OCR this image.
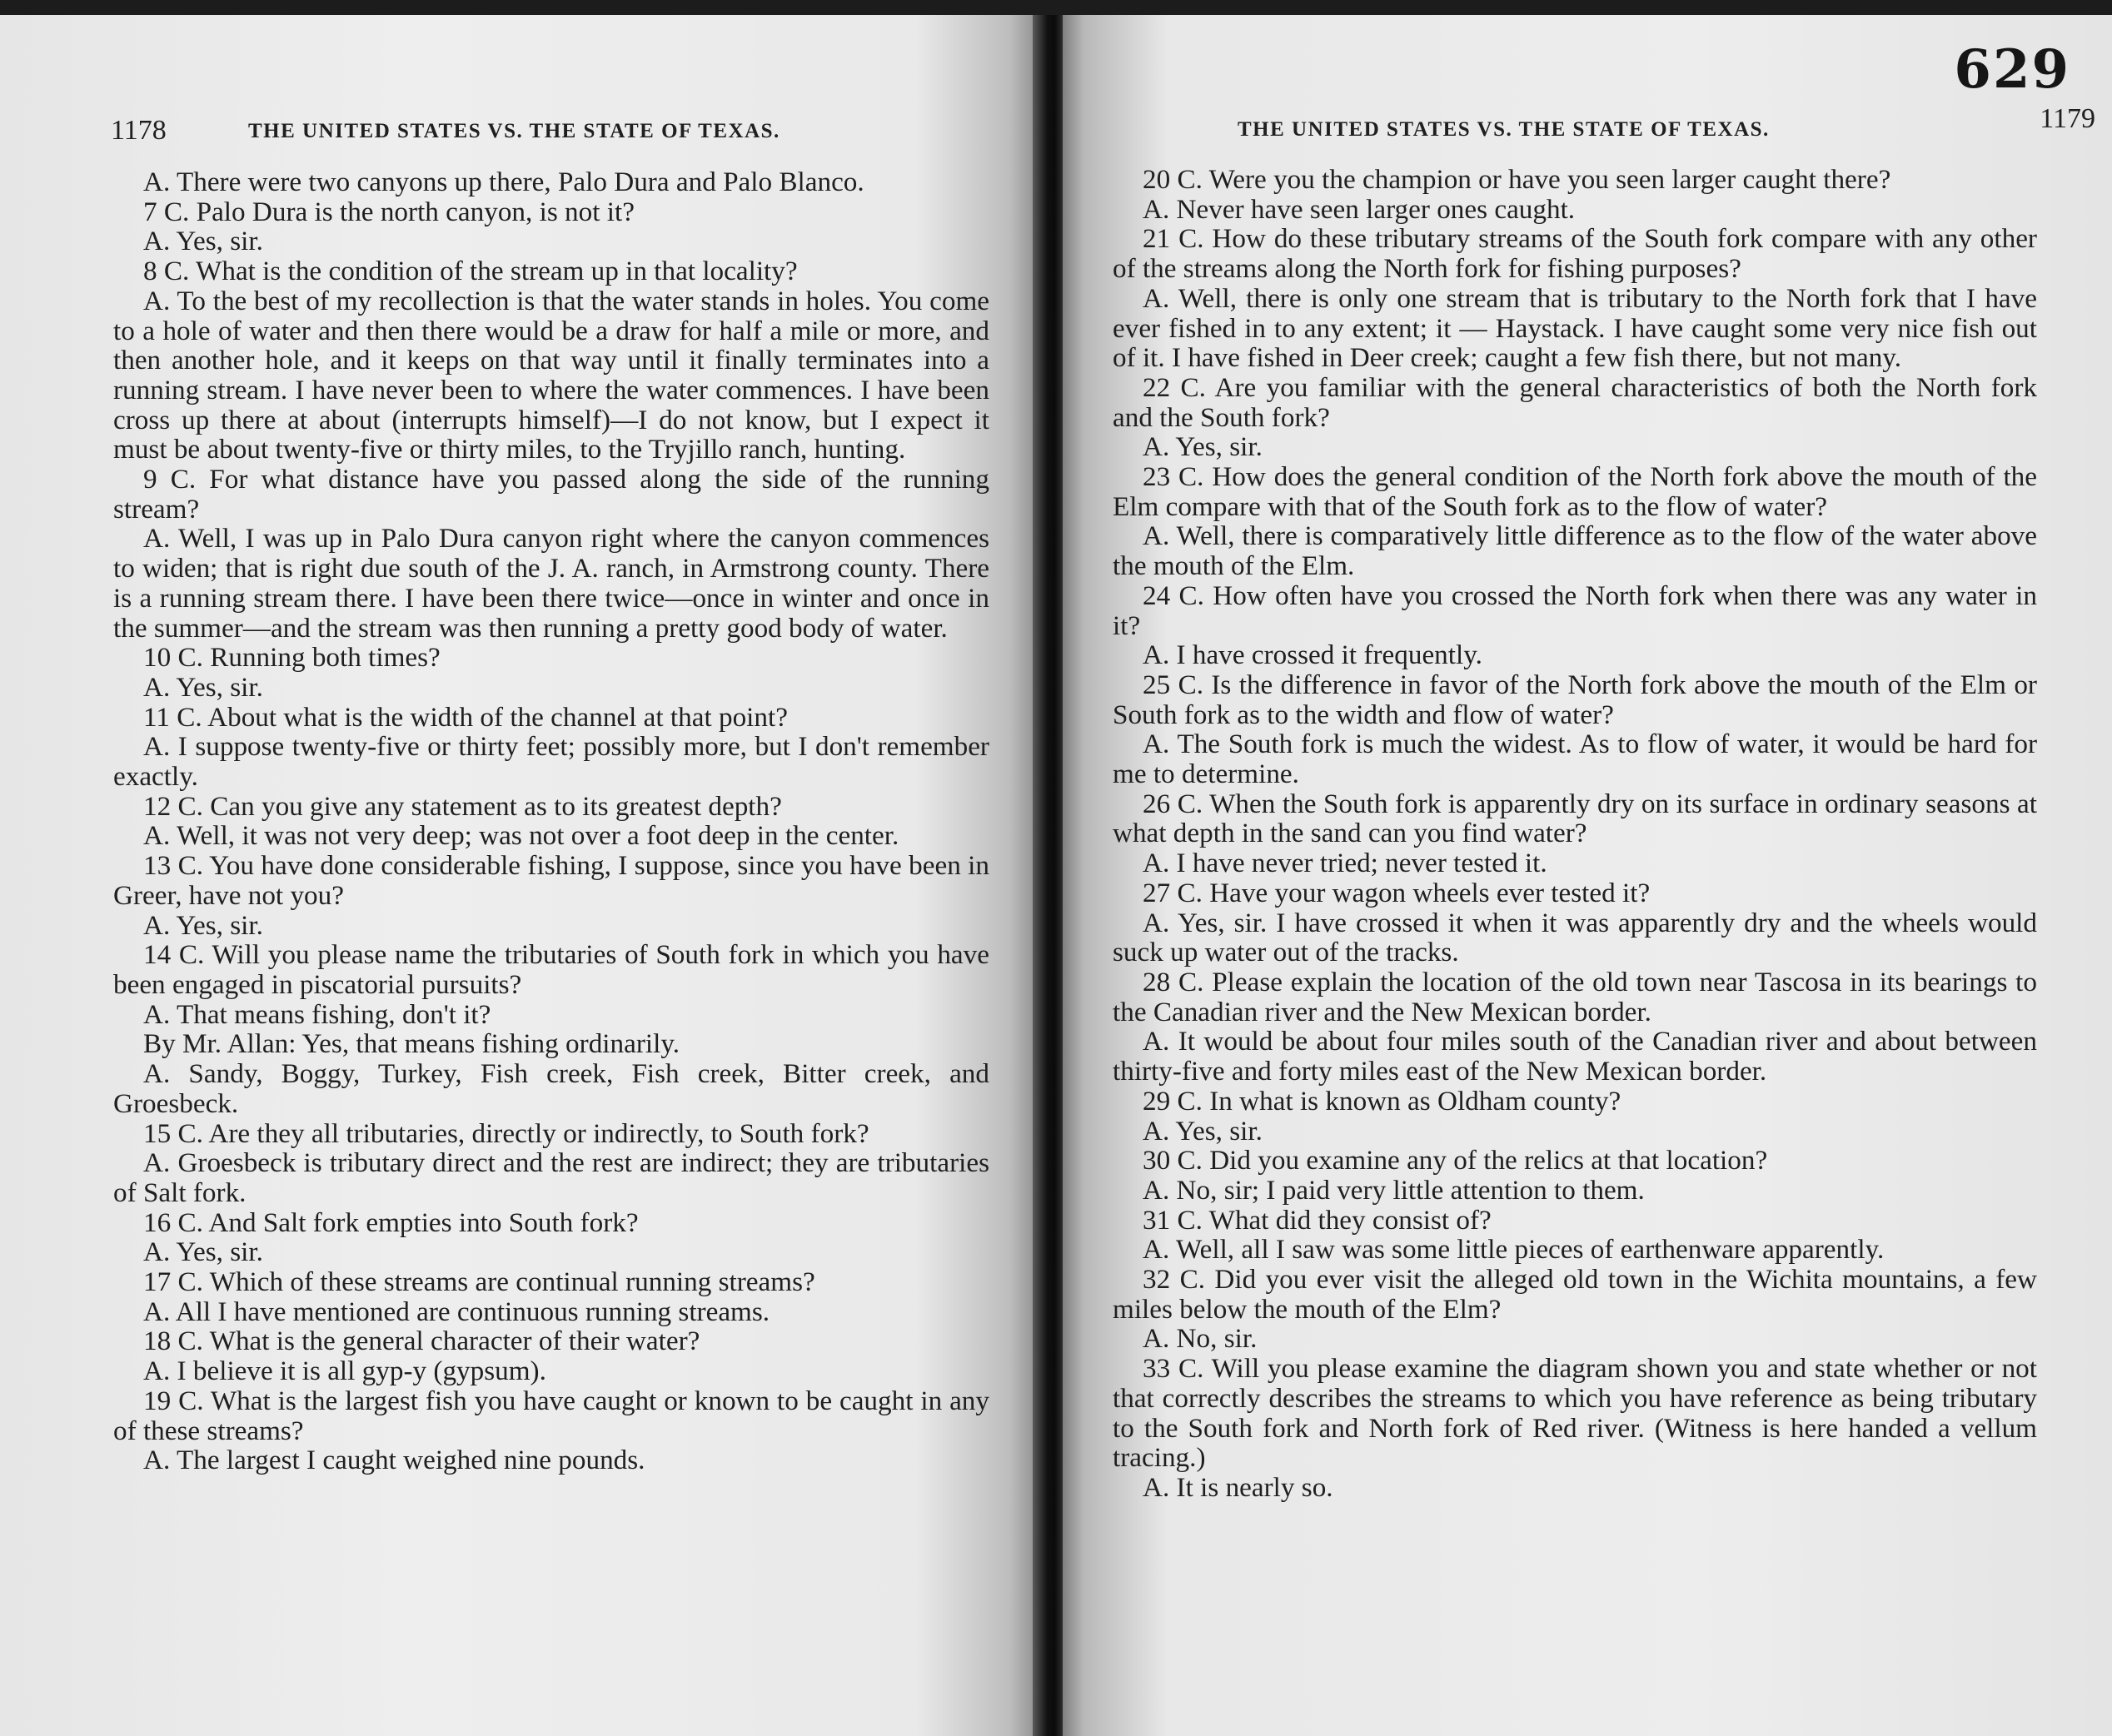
1178	THE UNITED STATES VS. THE STATE OF TEXAS.

A. There were two canyons up there, Palo Dura and Palo Blanco.

7 C. Palo Dura is the north canyon, is not it?

A. Yes, sir.

8 C. What is the condition of the stream up in that locality?

A. To the best of my recollection is that the water stands in holes. You come to a hole of water and then there would be a draw for half a mile or more, and then another hole, and it keeps on that way until it finally terminates into a running stream. I have never been to where the water commences. I have been cross up there at about (interrupts himself)—I do not know, but I expect it must be about twenty-five or thirty miles, to the Tryjillo ranch, hunting.

9 C. For what distance have you passed along the side of the running stream?

A. Well, I was up in Palo Dura canyon right where the canyon commences to widen; that is right due south of the J. A. ranch, in Armstrong county. There is a running stream there. I have been there twice—once in winter and once in the summer—and the stream was then running a pretty good body of water.

10 C. Running both times?

A. Yes, sir.

11 C. About what is the width of the channel at that point?

A. I suppose twenty-five or thirty feet; possibly more, but I don't remember exactly.

12 C. Can you give any statement as to its greatest depth?

A. Well, it was not very deep; was not over a foot deep in the center.

13 C. You have done considerable fishing, I suppose, since you have been in Greer, have not you?

A. Yes, sir.

14 C. Will you please name the tributaries of South fork in which you have been engaged in piscatorial pursuits?

A. That means fishing, don't it?

By Mr. Allan: Yes, that means fishing ordinarily.

A. Sandy, Boggy, Turkey, Fish creek, Fish creek, Bitter creek, and Groesbeck.

15 C. Are they all tributaries, directly or indirectly, to South fork?

A. Groesbeck is tributary direct and the rest are indirect; they are tributaries of Salt fork.

16 C. And Salt fork empties into South fork?

A. Yes, sir.

17 C. Which of these streams are continual running streams?

A. All I have mentioned are continuous running streams.

18 C. What is the general character of their water?

A. I believe it is all gyp-y (gypsum).

19 C. What is the largest fish you have caught or known to be caught in any of these streams?

A. The largest I caught weighed nine pounds.

629
THE UNITED STATES VS. THE STATE OF TEXAS.	1179

20 C. Were you the champion or have you seen larger caught there?

A. Never have seen larger ones caught.

21 C. How do these tributary streams of the South fork compare with any other of the streams along the North fork for fishing purposes?

A. Well, there is only one stream that is tributary to the North fork that I have ever fished in to any extent; it — Haystack. I have caught some very nice fish out of it. I have fished in Deer creek; caught a few fish there, but not many.

22 C. Are you familiar with the general characteristics of both the North fork and the South fork?

A. Yes, sir.

23 C. How does the general condition of the North fork above the mouth of the Elm compare with that of the South fork as to the flow of water?

A. Well, there is comparatively little difference as to the flow of the water above the mouth of the Elm.

24 C. How often have you crossed the North fork when there was any water in it?

A. I have crossed it frequently.

25 C. Is the difference in favor of the North fork above the mouth of the Elm or South fork as to the width and flow of water?

A. The South fork is much the widest. As to flow of water, it would be hard for me to determine.

26 C. When the South fork is apparently dry on its surface in ordinary seasons at what depth in the sand can you find water?

A. I have never tried; never tested it.

27 C. Have your wagon wheels ever tested it?

A. Yes, sir. I have crossed it when it was apparently dry and the wheels would suck up water out of the tracks.

28 C. Please explain the location of the old town near Tascosa in its bearings to the Canadian river and the New Mexican border.

A. It would be about four miles south of the Canadian river and about between thirty-five and forty miles east of the New Mexican border.

29 C. In what is known as Oldham county?

A. Yes, sir.

30 C. Did you examine any of the relics at that location?

A. No, sir; I paid very little attention to them.

31 C. What did they consist of?

A. Well, all I saw was some little pieces of earthenware apparently.

32 C. Did you ever visit the alleged old town in the Wichita mountains, a few miles below the mouth of the Elm?

A. No, sir.

33 C. Will you please examine the diagram shown you and state whether or not that correctly describes the streams to which you have reference as being tributary to the South fork and North fork of Red river. (Witness is here handed a vellum tracing.)

A. It is nearly so.
